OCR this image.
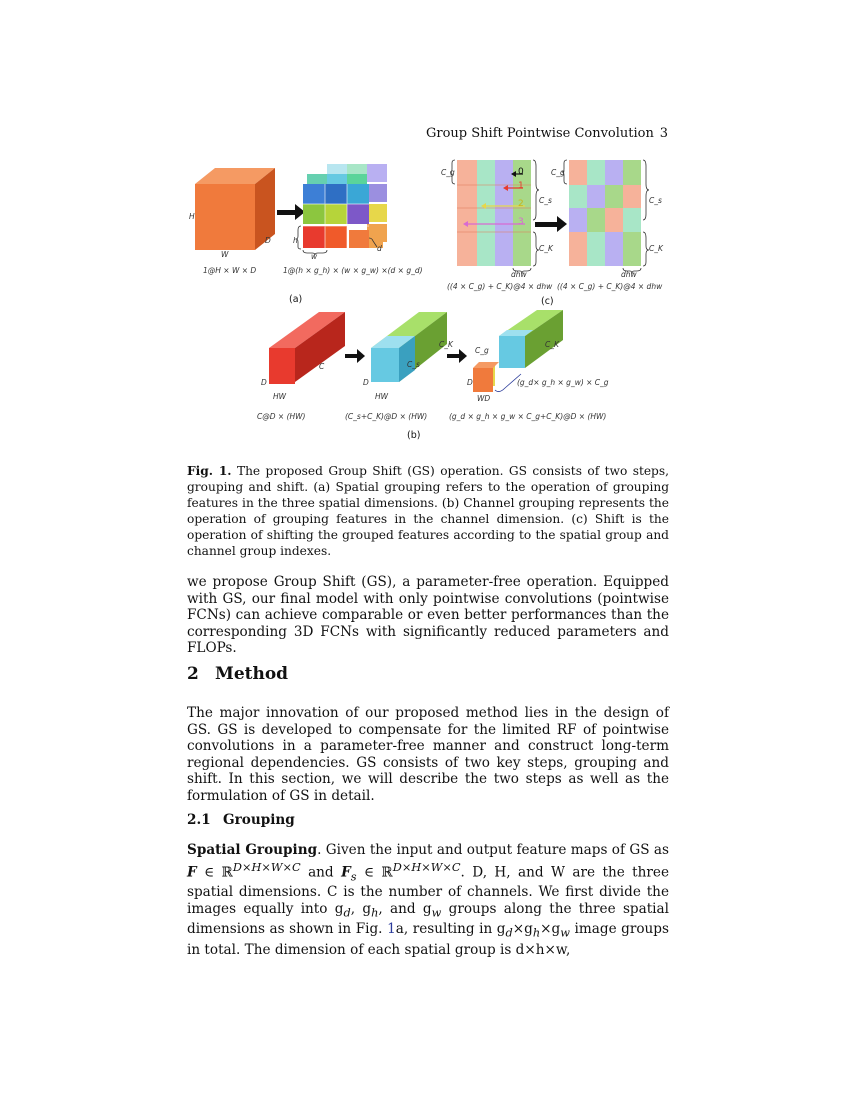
Group Shift Pointwise Convolution 3
H
W
D	h
w
d
1@H × W × D	1@(h × g_h) × (w × g_w) ×(d × g_d)
(a)
C_g
C_s
C_K
C_g
C_s
C_K
0
1
2
3
dhw	dhw
((4 × C_g) + C_K)@4 × dhw ((4 × C_g) + C_K)@4 × dhw
(c)
D
HW
C
C@D × (HW)
D
HW
C_s
C_K
(C_s+C_K)@D × (HW)
D
WD
C_g
C_K
(g_d× g_h × g_w) × C_g
(g_d × g_h × g_w × C_g+C_K)@D × (HW)
(b)
Fig. 1. The proposed Group Shift (GS) operation. GS consists of two steps, grouping and shift. (a) Spatial grouping refers to the operation of grouping features in the three spatial dimensions. (b) Channel grouping represents the operation of grouping features in the channel dimension. (c) Shift is the operation of shifting the grouped features according to the spatial group and channel group indexes.
we propose Group Shift (GS), a parameter-free operation. Equipped with GS, our final model with only pointwise convolutions (pointwise FCNs) can achieve comparable or even better performances than the corresponding 3D FCNs with significantly reduced parameters and FLOPs.
2 Method
The major innovation of our proposed method lies in the design of GS. GS is developed to compensate for the limited RF of pointwise convolutions in a parameter-free manner and construct long-term regional dependencies. GS consists of two key steps, grouping and shift. In this section, we will describe the two steps as well as the formulation of GS in detail.
2.1 Grouping
Spatial Grouping. Given the input and output feature maps of GS as F ∈ ℝ$^{D\times H\times W\times C}$ and $F_s$ ∈ ℝ$^{D\times H\times W\times C}$. D, H, and W are the three spatial dimensions. C is the number of channels. We first divide the images equally into $g_d$, $g_h$, and $g_w$ groups along the three spatial dimensions as shown in Fig. 1a, resulting in $g_d\times g_h\times g_w$ image groups in total. The dimension of each spatial group is d×h×w,
